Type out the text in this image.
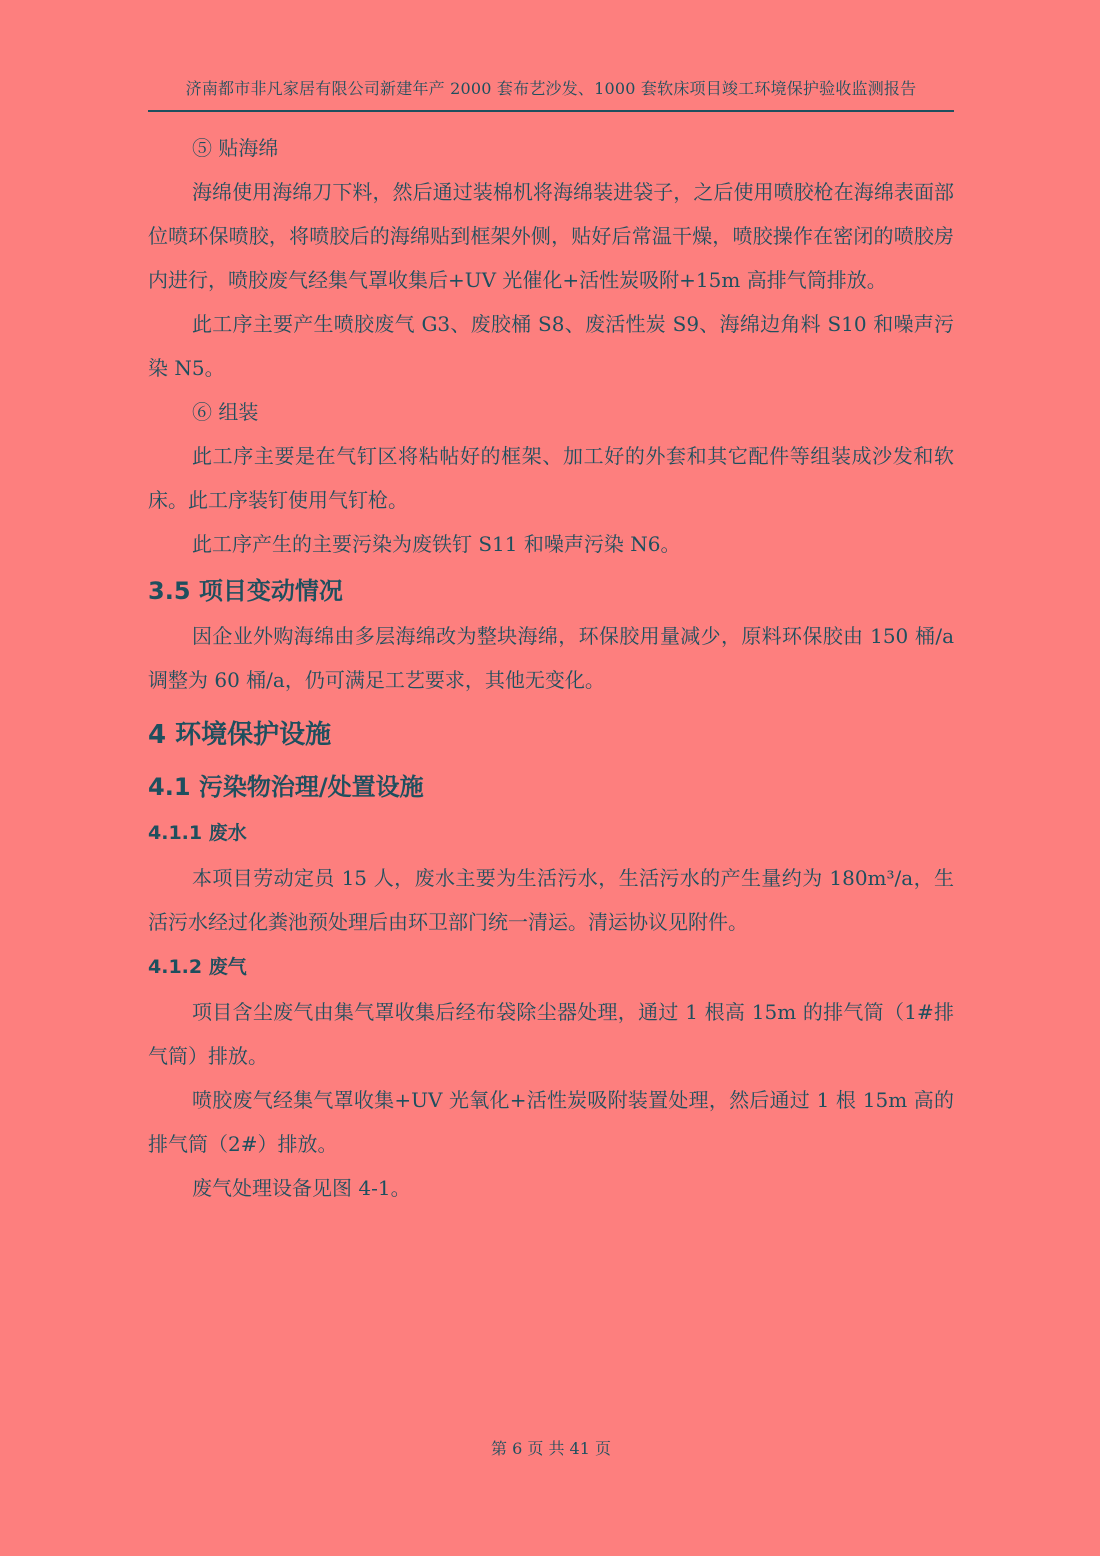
济南都市非凡家居有限公司新建年产 2000 套布艺沙发、1000 套软床项目竣工环境保护验收监测报告

⑤ 贴海绵

海绵使用海绵刀下料，然后通过装棉机将海绵装进袋子，之后使用喷胶枪在海绵表面部位喷环保喷胶，将喷胶后的海绵贴到框架外侧，贴好后常温干燥，喷胶操作在密闭的喷胶房内进行，喷胶废气经集气罩收集后+UV 光催化+活性炭吸附+15m 高排气筒排放。

此工序主要产生喷胶废气 G3、废胶桶 S8、废活性炭 S9、海绵边角料 S10 和噪声污染 N5。

⑥ 组装

此工序主要是在气钉区将粘帖好的框架、加工好的外套和其它配件等组装成沙发和软床。此工序装钉使用气钉枪。

此工序产生的主要污染为废铁钉 S11 和噪声污染 N6。

3.5 项目变动情况

因企业外购海绵由多层海绵改为整块海绵，环保胶用量减少，原料环保胶由 150 桶/a 调整为 60 桶/a，仍可满足工艺要求，其他无变化。

4 环境保护设施
4.1 污染物治理/处置设施
4.1.1 废水

本项目劳动定员 15 人，废水主要为生活污水，生活污水的产生量约为 180m³/a，生活污水经过化粪池预处理后由环卫部门统一清运。清运协议见附件。

4.1.2 废气

项目含尘废气由集气罩收集后经布袋除尘器处理，通过 1 根高 15m 的排气筒（1#排气筒）排放。

喷胶废气经集气罩收集+UV 光氧化+活性炭吸附装置处理，然后通过 1 根 15m 高的排气筒（2#）排放。

废气处理设备见图 4-1。

第 6 页 共 41 页
